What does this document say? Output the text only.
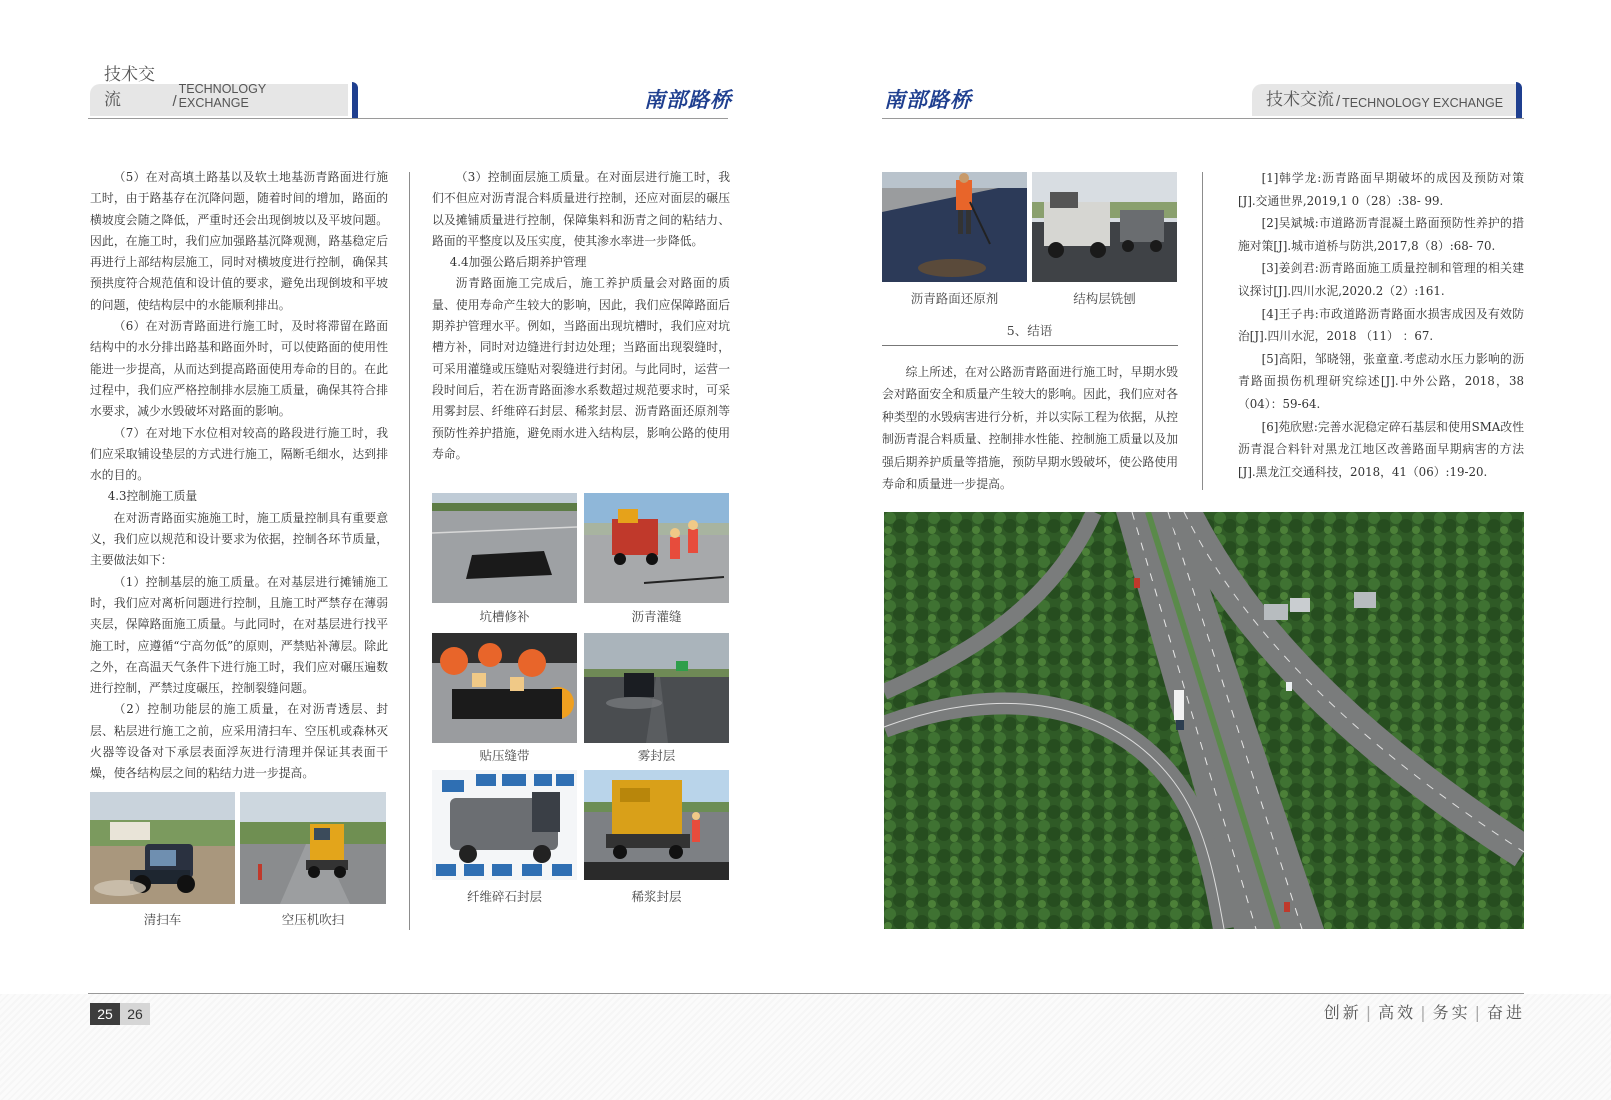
技术交流	/
TECHNOLOGY EXCHANGE	南部路桥	南部路桥	技术交流 / TECHNOLOGY EXCHANGE

（5）在对高填土路基以及软土地基沥青路面进行施工时，由于路基存在沉降问题，随着时间的增加，路面的横坡度会随之降低，严重时还会出现倒坡以及平坡问题。因此，在施工时，我们应加强路基沉降观测，路基稳定后再进行上部结构层施工，同时对横坡度进行控制，确保其预拱度符合规范值和设计值的要求，避免出现倒坡和平坡的问题，使结构层中的水能顺利排出。

（6）在对沥青路面进行施工时，及时将滞留在路面结构中的水分排出路基和路面外时，可以使路面的使用性能进一步提高，从而达到提高路面使用寿命的目的。在此过程中，我们应严格控制排水层施工质量，确保其符合排水要求，减少水毁破坏对路面的影响。

（7）在对地下水位相对较高的路段进行施工时，我们应采取铺设垫层的方式进行施工，隔断毛细水，达到排水的目的。

4.3控制施工质量

在对沥青路面实施施工时，施工质量控制具有重要意义，我们应以规范和设计要求为依据，控制各环节质量，主要做法如下：

（1）控制基层的施工质量。在对基层进行摊铺施工时，我们应对离析问题进行控制，且施工时严禁存在薄弱夹层，保障路面施工质量。与此同时，在对基层进行找平施工时，应遵循“宁高勿低”的原则，严禁贴补薄层。除此之外，在高温天气条件下进行施工时，我们应对碾压遍数进行控制，严禁过度碾压，控制裂缝问题。

（2）控制功能层的施工质量，在对沥青透层、封层、粘层进行施工之前，应采用清扫车、空压机或森林灭火器等设备对下承层表面浮灰进行清理并保证其表面干燥，使各结构层之间的粘结力进一步提高。

清扫车	空压机吹扫

（3）控制面层施工质量。在对面层进行施工时，我们不但应对沥青混合料质量进行控制，还应对面层的碾压以及摊铺质量进行控制，保障集料和沥青之间的粘结力、路面的平整度以及压实度，使其渗水率进一步降低。

4.4加强公路后期养护管理

沥青路面施工完成后，施工养护质量会对路面的质量、使用寿命产生较大的影响，因此，我们应保障路面后期养护管理水平。例如，当路面出现坑槽时，我们应对坑槽方补，同时对边缝进行封边处理；当路面出现裂缝时，可采用灌缝或压缝贴对裂缝进行封闭。与此同时，运营一段时间后，若在沥青路面渗水系数超过规范要求时，可采用雾封层、纤维碎石封层、稀浆封层、沥青路面还原剂等预防性养护措施，避免雨水进入结构层，影响公路的使用寿命。

坑槽修补	沥青灌缝
贴压缝带	雾封层
纤维碎石封层	稀浆封层
沥青路面还原剂	结构层铣刨
5、结语

综上所述，在对公路沥青路面进行施工时，早期水毁会对路面安全和质量产生较大的影响。因此，我们应对各种类型的水毁病害进行分析，并以实际工程为依据，从控制沥青混合料质量、控制排水性能、控制施工质量以及加强后期养护质量等措施，预防早期水毁破坏，使公路使用寿命和质量进一步提高。

[1]韩学龙:沥青路面早期破坏的成因及预防对策[J].交通世界,2019,1 0（28）:38- 99.

[2]吴斌城:市道路沥青混凝土路面预防性养护的措施对策[J].城市道桥与防洪,2017,8（8）:68- 70.

[3]姜剑君:沥青路面施工质量控制和管理的相关建议探讨[J].四川水泥,2020.2（2）:161.

[4]王子冉:市政道路沥青路面水损害成因及有效防治[J].四川水泥，2018 （11） ：67.

[5]高阳，邹晓翎，张童童.考虑动水压力影响的沥青路面损伤机理研究综述[J].中外公路，2018，38（04）：59-64.

[6]苑欣慰:完善水泥稳定碎石基层和使用SMA改性沥青混合料针对黑龙江地区改善路面早期病害的方法[J].黑龙江交通科技，2018，41（06）:19-20.

25	26	创新 | 高效 | 务实 | 奋进
